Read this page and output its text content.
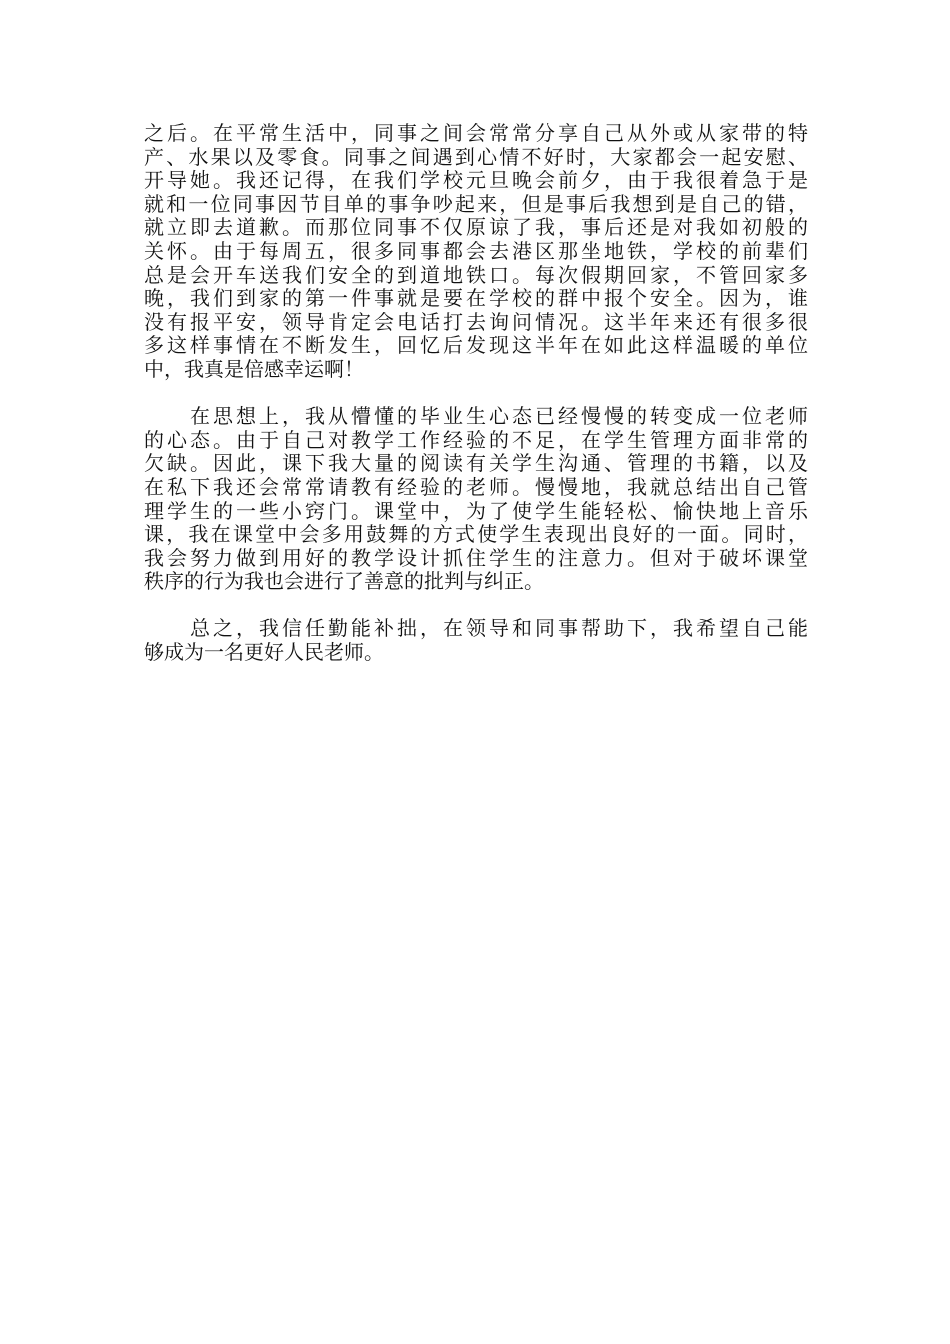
之后。在平常生活中，同事之间会常常分享自己从外或从家带的特
产、水果以及零食。同事之间遇到心情不好时，大家都会一起安慰、
开导她。我还记得，在我们学校元旦晚会前夕，由于我很着急于是
就和一位同事因节目单的事争吵起来，但是事后我想到是自己的错，
就立即去道歉。而那位同事不仅原谅了我，事后还是对我如初般的
关怀。由于每周五，很多同事都会去港区那坐地铁，学校的前辈们
总是会开车送我们安全的到道地铁口。每次假期回家，不管回家多
晚，我们到家的第一件事就是要在学校的群中报个安全。因为，谁
没有报平安，领导肯定会电话打去询问情况。这半年来还有很多很
多这样事情在不断发生，回忆后发现这半年在如此这样温暖的单位
中，我真是倍感幸运啊！
　　在思想上，我从懵懂的毕业生心态已经慢慢的转变成一位老师
的心态。由于自己对教学工作经验的不足，在学生管理方面非常的
欠缺。因此，课下我大量的阅读有关学生沟通、管理的书籍，以及
在私下我还会常常请教有经验的老师。慢慢地，我就总结出自己管
理学生的一些小窍门。课堂中，为了使学生能轻松、愉快地上音乐
课，我在课堂中会多用鼓舞的方式使学生表现出良好的一面。同时，
我会努力做到用好的教学设计抓住学生的注意力。但对于破坏课堂
秩序的行为我也会进行了善意的批判与纠正。
　　总之，我信任勤能补拙，在领导和同事帮助下，我希望自己能
够成为一名更好人民老师。
